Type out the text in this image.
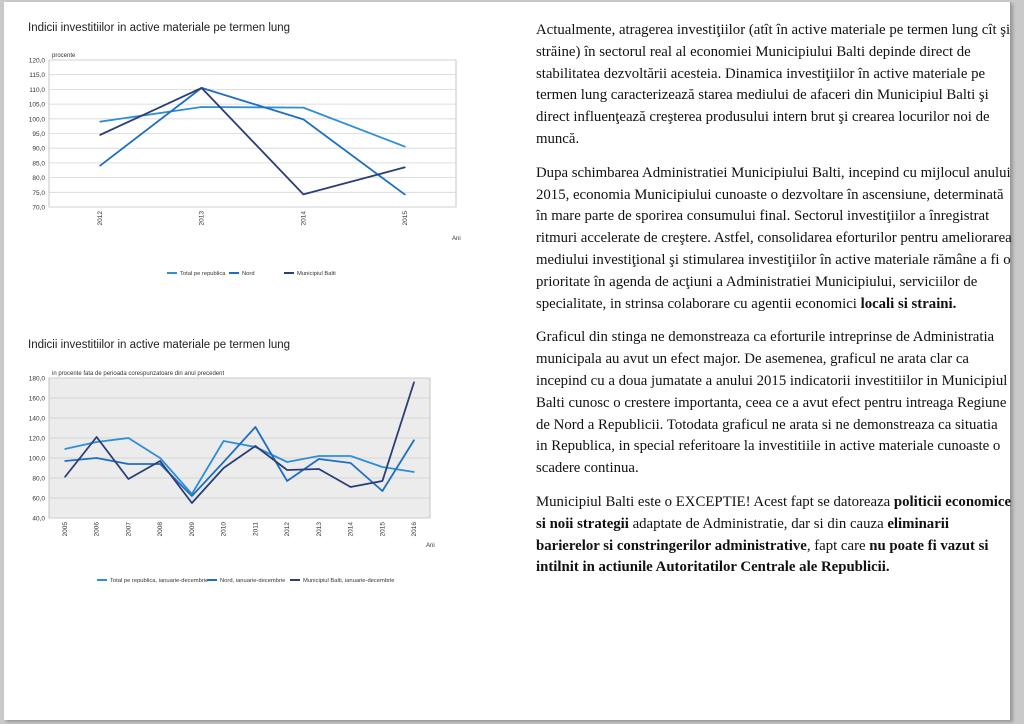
Indicii investitiilor in active materiale pe termen lung
120,0
115,0
110,0
105,0
100,0
95,0
90,0
85,0
80,0
75,0
70,0
procente
2012	2013	2014	2015
Ani
Total pe republica	Nord	Municipiul Balti
Indicii investitiilor in active materiale pe termen lung
180,0
160,0
140,0
120,0
100,0
80,0
60,0
40,0
in procente fata de perioada corespunzatoare din anul precedent
2005	2006	2007	2008	2009	2010	2011	2012	2013	2014	2015	2016
Ani
Total pe republica, ianuarie-decembrie Nord, ianuarie-decembrie	Municipiul Balti, ianuarie-decembrie

Actualmente, atragerea investiţiilor (atît în active materiale pe termen lung cît şi străine) în sectorul real al economiei Municipiului Balti depinde direct de stabilitatea dezvoltării acesteia. Dinamica investiţiilor în active materiale pe termen lung caracterizează starea mediului de afaceri din Municipiul Balti şi direct influenţează creşterea produsului intern brut şi crearea locurilor noi de muncă.

Dupa schimbarea Administratiei Municipiului Balti, incepind cu mijlocul anului 2015, economia Municipiului cunoaste o dezvoltare în ascensiune, determinată în mare parte de sporirea consumului final. Sectorul investiţiilor a înregistrat ritmuri accelerate de creştere. Astfel, consolidarea eforturilor pentru ameliorarea mediului investiţional şi stimularea investiţiilor în active materiale rămâne a fi o prioritate în agenda de acţiuni a Administratiei Municipiului, serviciilor de specialitate, in strinsa colaborare cu agentii economici locali si straini.

Graficul din stinga ne demonstreaza ca eforturile intreprinse de Administratia municipala au avut un efect major. De asemenea, graficul ne arata clar ca incepind cu a doua jumatate a anului 2015 indicatorii investitiilor in Municipiul Balti cunosc o crestere importanta, ceea ce a avut efect pentru intreaga Regiune de Nord a Republicii. Totodata graficul ne arata si ne demonstreaza ca situatia in Republica, in special referitoare la investitiile in active materiale cunoaste o scadere continua.

Municipiul Balti este o EXCEPTIE! Acest fapt se datoreaza politicii economice si noii strategii adaptate de Administratie, dar si din cauza eliminarii barierelor si constringerilor administrative, fapt care nu poate fi vazut si intilnit in actiunile Autoritatilor Centrale ale Republicii.
